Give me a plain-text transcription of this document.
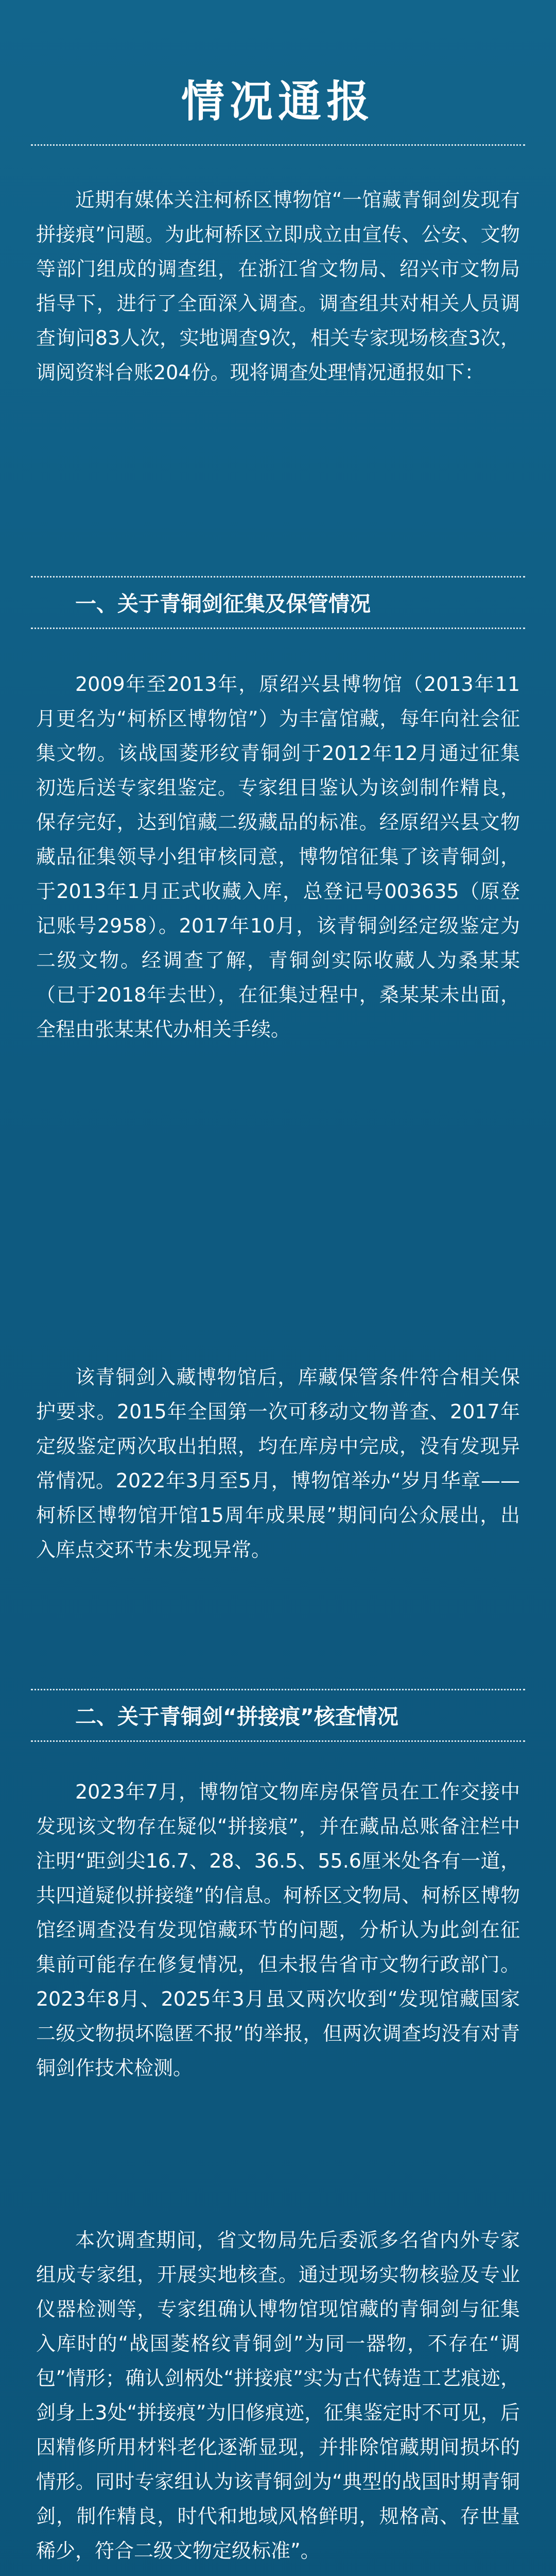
情况通报

近期有媒体关注柯桥区博物馆“一馆藏青铜剑发现有拼接痕”问题。为此柯桥区立即成立由宣传、公安、文物等部门组成的调查组，在浙江省文物局、绍兴市文物局指导下，进行了全面深入调查。调查组共对相关人员调查询问83人次，实地调查9次，相关专家现场核查3次，调阅资料台账204份。现将调查处理情况通报如下：

一、关于青铜剑征集及保管情况

2009年至2013年，原绍兴县博物馆（2013年11月更名为“柯桥区博物馆”）为丰富馆藏，每年向社会征集文物。该战国菱形纹青铜剑于2012年12月通过征集初选后送专家组鉴定。专家组目鉴认为该剑制作精良，保存完好，达到馆藏二级藏品的标准。经原绍兴县文物藏品征集领导小组审核同意，博物馆征集了该青铜剑，于2013年1月正式收藏入库，总登记号003635（原登记账号2958）。2017年10月，该青铜剑经定级鉴定为二级文物。经调查了解，青铜剑实际收藏人为桑某某（已于2018年去世），在征集过程中，桑某某未出面，全程由张某某代办相关手续。

该青铜剑入藏博物馆后，库藏保管条件符合相关保护要求。2015年全国第一次可移动文物普查、2017年定级鉴定两次取出拍照，均在库房中完成，没有发现异常情况。2022年3月至5月，博物馆举办“岁月华章——柯桥区博物馆开馆15周年成果展”期间向公众展出，出入库点交环节未发现异常。

二、关于青铜剑“拼接痕”核查情况

2023年7月，博物馆文物库房保管员在工作交接中发现该文物存在疑似“拼接痕”，并在藏品总账备注栏中注明“距剑尖16.7、28、36.5、55.6厘米处各有一道，共四道疑似拼接缝”的信息。柯桥区文物局、柯桥区博物馆经调查没有发现馆藏环节的问题，分析认为此剑在征集前可能存在修复情况，但未报告省市文物行政部门。2023年8月、2025年3月虽又两次收到“发现馆藏国家二级文物损坏隐匿不报”的举报，但两次调查均没有对青铜剑作技术检测。

本次调查期间，省文物局先后委派多名省内外专家组成专家组，开展实地核查。通过现场实物核验及专业仪器检测等，专家组确认博物馆现馆藏的青铜剑与征集入库时的“战国菱格纹青铜剑”为同一器物，不存在“调包”情形；确认剑柄处“拼接痕”实为古代铸造工艺痕迹，剑身上3处“拼接痕”为旧修痕迹，征集鉴定时不可见，后因精修所用材料老化逐渐显现，并排除馆藏期间损坏的情形。同时专家组认为该青铜剑为“典型的战国时期青铜剑，制作精良，时代和地域风格鲜明，规格高、存世量稀少，符合二级文物定级标准”。
